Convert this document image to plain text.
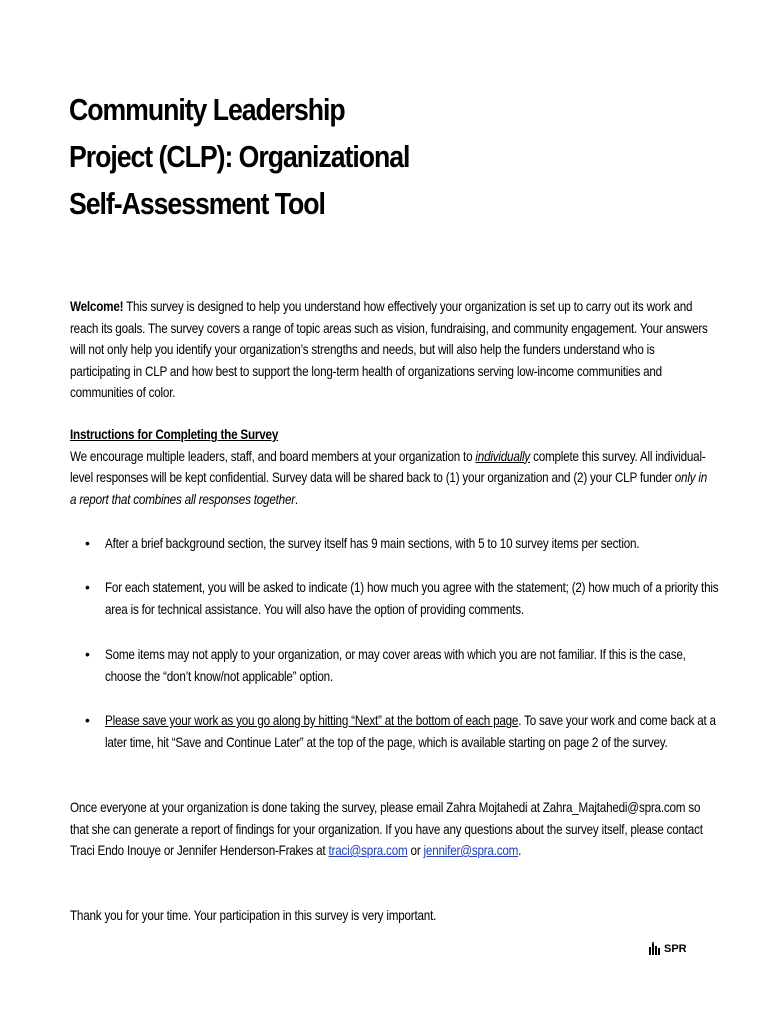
Community Leadership
Project (CLP): Organizational
Self-Assessment Tool
Welcome! This survey is designed to help you understand how effectively your organization is set up to carry out its work and reach its goals. The survey covers a range of topic areas such as vision, fundraising, and community engagement. Your answers will not only help you identify your organization’s strengths and needs, but will also help the funders understand who is participating in CLP and how best to support the long-term health of organizations serving low-income communities and communities of color.
Instructions for Completing the Survey
We encourage multiple leaders, staff, and board members at your organization to individually complete this survey. All individual-level responses will be kept confidential. Survey data will be shared back to (1) your organization and (2) your CLP funder only in a report that combines all responses together.
• After a brief background section, the survey itself has 9 main sections, with 5 to 10 survey items per section.
• For each statement, you will be asked to indicate (1) how much you agree with the statement; (2) how much of a priority this area is for technical assistance. You will also have the option of providing comments.
• Some items may not apply to your organization, or may cover areas with which you are not familiar. If this is the case, choose the “don’t know/not applicable” option.
• Please save your work as you go along by hitting “Next” at the bottom of each page. To save your work and come back at a later time, hit “Save and Continue Later” at the top of the page, which is available starting on page 2 of the survey.
Once everyone at your organization is done taking the survey, please email Zahra Mojtahedi at Zahra_Majtahedi@spra.com so that she can generate a report of findings for your organization. If you have any questions about the survey itself, please contact Traci Endo Inouye or Jennifer Henderson-Frakes at traci@spra.com or jennifer@spra.com.
Thank you for your time. Your participation in this survey is very important.
SPR
